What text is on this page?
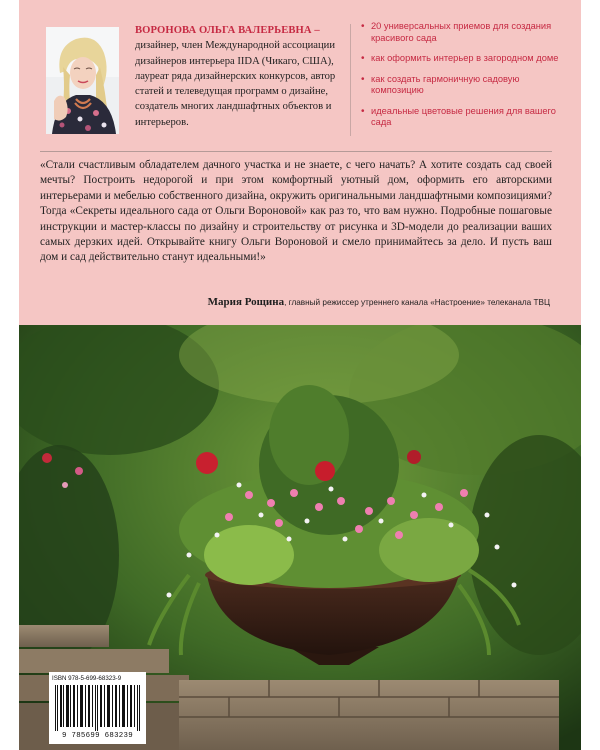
ВОРОНОВА ОЛЬГА ВАЛЕРЬЕВНА – дизайнер, член Международной ассоциации дизайнеров интерьера IIDA (Чикаго, США), лауреат ряда дизайнерских конкурсов, автор статей и телеведущая программ о дизайне, создатель многих ландшафтных объектов и интерьеров.
• 20 универсальных приемов для создания красивого сада
• как оформить интерьер в загородном доме
• как создать гармоничную садовую композицию
• идеальные цветовые решения для вашего сада

«Стали счастливым обладателем дачного участка и не знаете, с чего начать? А хотите создать сад своей мечты? Построить недорогой и при этом комфортный уютный дом, оформить его авторскими интерьерами и мебелью собственного дизайна, окружить оригинальными ландшафтными композициями? Тогда «Секреты идеального сада от Ольги Вороновой» как раз то, что вам нужно. Подробные пошаговые инструкции и мастер-классы по дизайну и строительству от рисунка и 3D-модели до реализации ваших самых дерзких идей. Открывайте книгу Ольги Вороновой и смело принимайтесь за дело. И пусть ваш дом и сад действительно станут идеальными!»

Мария Рощина, главный режиссер утреннего канала «Настроение» телеканала ТВЦ
ISBN 978-5-699-68323-9
9 785699 683239
